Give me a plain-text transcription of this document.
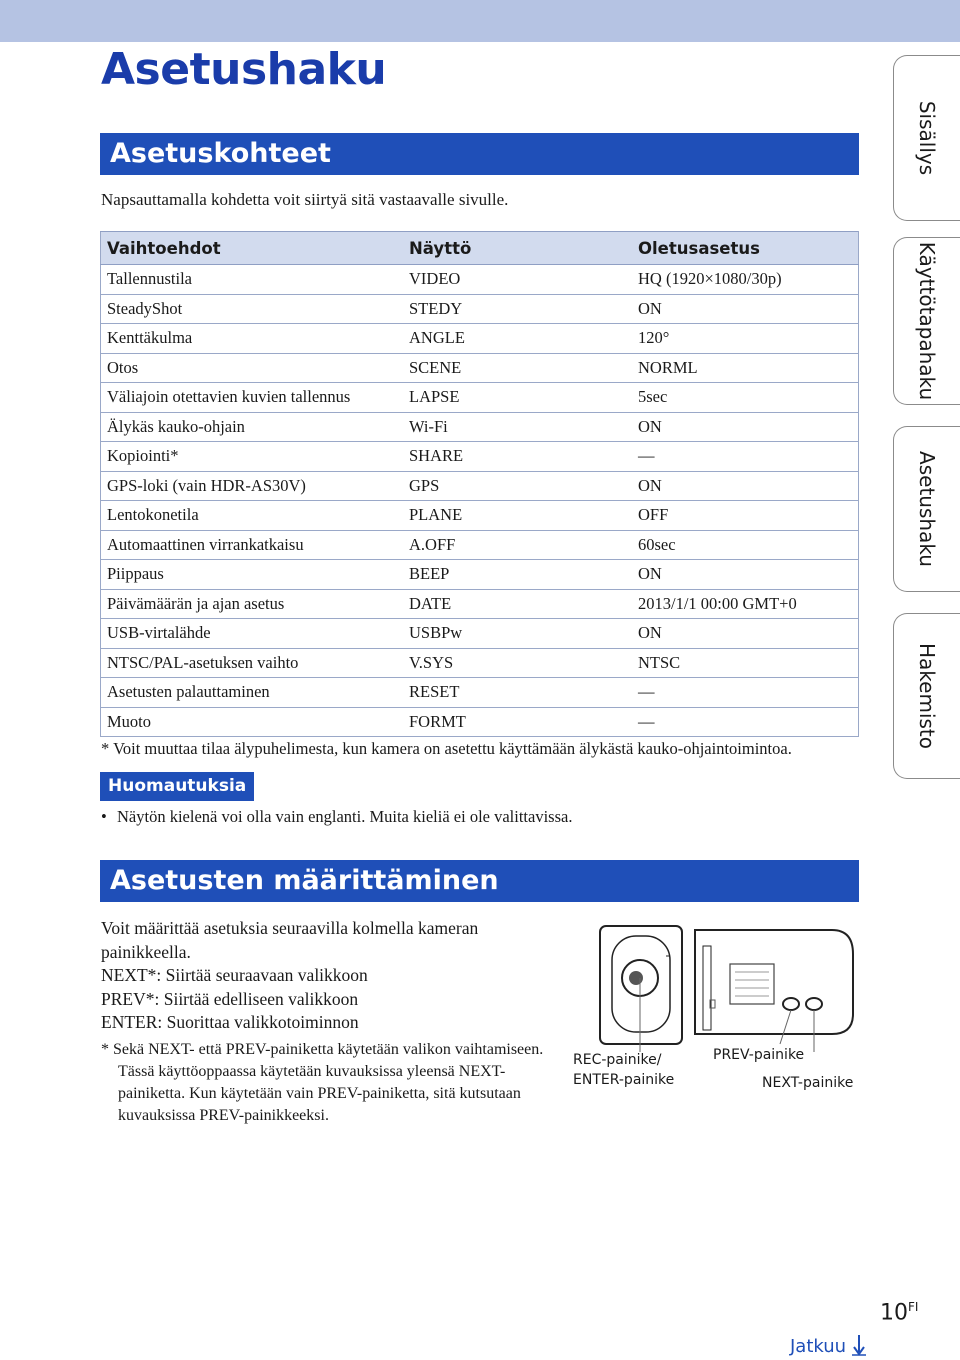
Asetushaku
Asetuskohteet
Napsauttamalla kohdetta voit siirtyä sitä vastaavalle sivulle.
Vaihtoehdot	Näyttö	Oletusasetus
Tallennustila	VIDEO	HQ (1920×1080/30p)
SteadyShot	STEDY	ON
Kenttäkulma	ANGLE	120°
Otos	SCENE	NORML
Väliajoin otettavien kuvien tallennus	LAPSE	5sec
Älykäs kauko-ohjain	Wi-Fi	ON
Kopiointi*	SHARE	—
GPS-loki (vain HDR-AS30V)	GPS	ON
Lentokonetila	PLANE	OFF
Automaattinen virrankatkaisu	A.OFF	60sec
Piippaus	BEEP	ON
Päivämäärän ja ajan asetus	DATE	2013/1/1 00:00 GMT+0
USB-virtalähde	USBPw	ON
NTSC/PAL-asetuksen vaihto	V.SYS	NTSC
Asetusten palauttaminen	RESET	—
Muoto	FORMT	—
* Voit muuttaa tilaa älypuhelimesta, kun kamera on asetettu käyttämään älykästä kauko-ohjaintoimintoa.
Huomautuksia
• Näytön kielenä voi olla vain englanti. Muita kieliä ei ole valittavissa.
Asetusten määrittäminen

Voit määrittää asetuksia seuraavilla kolmella kameran painikkeella.

NEXT*: Siirtää seuraavaan valikkoon

PREV*: Siirtää edelliseen valikkoon

ENTER: Suorittaa valikkotoiminnon

* Sekä NEXT- että PREV-painiketta käytetään valikon vaihtamiseen. Tässä käyttöoppaassa käytetään kuvauksissa yleensä NEXT-painiketta. Kun käytetään vain PREV-painiketta, sitä kutsutaan kuvauksissa PREV-painikkeeksi.

REC-painike/
ENTER-painike
PREV-painike
NEXT-painike
Sisällys
Käyttötapahaku
Asetushaku
Hakemisto
$10^{FI}$
Jatkuu
